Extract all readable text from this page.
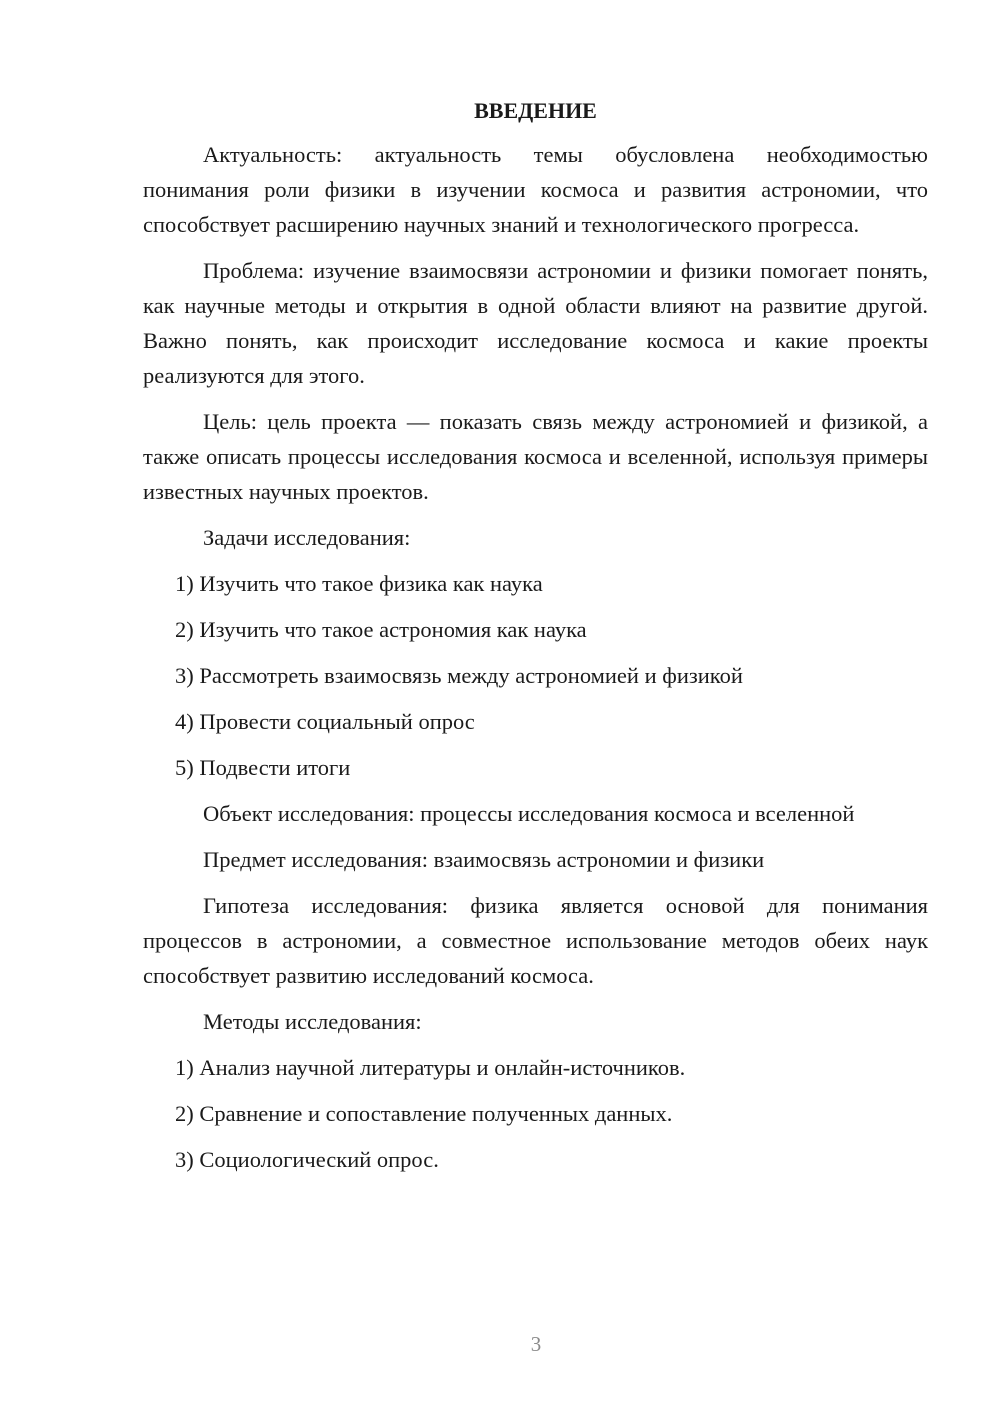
ВВЕДЕНИЕ

Актуальность: актуальность темы обусловлена необходимостью понимания роли физики в изучении космоса и развития астрономии, что способствует расширению научных знаний и технологического прогресса.

Проблема: изучение взаимосвязи астрономии и физики помогает понять, как научные методы и открытия в одной области влияют на развитие другой. Важно понять, как происходит исследование космоса и какие проекты реализуются для этого.

Цель: цель проекта — показать связь между астрономией и физикой, а также описать процессы исследования космоса и вселенной, используя примеры известных научных проектов.

Задачи исследования:

1) Изучить что такое физика как наука
2) Изучить что такое астрономия как наука
3) Рассмотреть взаимосвязь между астрономией и физикой
4) Провести социальный опрос
5) Подвести итоги

Объект исследования: процессы исследования космоса и вселенной

Предмет исследования: взаимосвязь астрономии и физики

Гипотеза исследования: физика является основой для понимания процессов в астрономии, а совместное использование методов обеих наук способствует развитию исследований космоса.

Методы исследования:

1) Анализ научной литературы и онлайн-источников.
2) Сравнение и сопоставление полученных данных.
3) Социологический опрос.
3
